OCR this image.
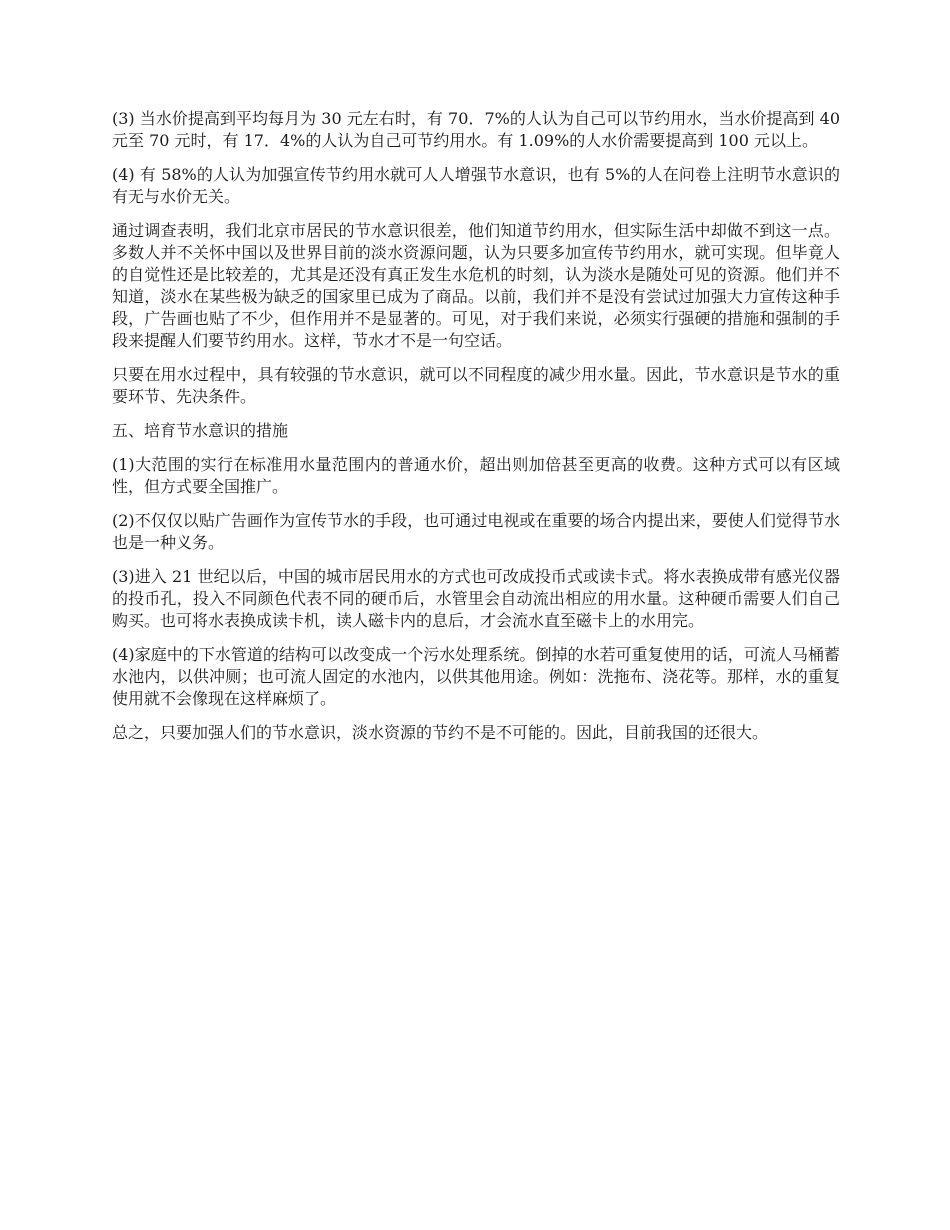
(3) 当水价提高到平均每月为 30 元左右时，有 70．7%的人认为自己可以节约用水，当水价提高到 40 元至 70 元时，有 17．4%的人认为自己可节约用水。有 1.09%的人水价需要提高到 100 元以上。

(4) 有 58%的人认为加强宣传节约用水就可人人增强节水意识，也有 5%的人在问卷上注明节水意识的有无与水价无关。

通过调查表明，我们北京市居民的节水意识很差，他们知道节约用水，但实际生活中却做不到这一点。多数人并不关怀中国以及世界目前的淡水资源问题，认为只要多加宣传节约用水，就可实现。但毕竟人的自觉性还是比较差的，尤其是还没有真正发生水危机的时刻，认为淡水是随处可见的资源。他们并不知道，淡水在某些极为缺乏的国家里已成为了商品。以前，我们并不是没有尝试过加强大力宣传这种手段，广告画也贴了不少，但作用并不是显著的。可见，对于我们来说，必须实行强硬的措施和强制的手段来提醒人们要节约用水。这样，节水才不是一句空话。

只要在用水过程中，具有较强的节水意识，就可以不同程度的减少用水量。因此，节水意识是节水的重要环节、先决条件。

五、培育节水意识的措施

(1)大范围的实行在标准用水量范围内的普通水价，超出则加倍甚至更高的收费。这种方式可以有区域性，但方式要全国推广。

(2)不仅仅以贴广告画作为宣传节水的手段，也可通过电视或在重要的场合内提出来，要使人们觉得节水也是一种义务。

(3)进入 21 世纪以后，中国的城市居民用水的方式也可改成投币式或读卡式。将水表换成带有感光仪器的投币孔，投入不同颜色代表不同的硬币后，水管里会自动流出相应的用水量。这种硬币需要人们自己购买。也可将水表换成读卡机，读人磁卡内的息后，才会流水直至磁卡上的水用完。

(4)家庭中的下水管道的结构可以改变成一个污水处理系统。倒掉的水若可重复使用的话，可流人马桶蓄水池内，以供冲厕；也可流人固定的水池内，以供其他用途。例如：洗拖布、浇花等。那样，水的重复使用就不会像现在这样麻烦了。

总之，只要加强人们的节水意识，淡水资源的节约不是不可能的。因此，目前我国的还很大。
